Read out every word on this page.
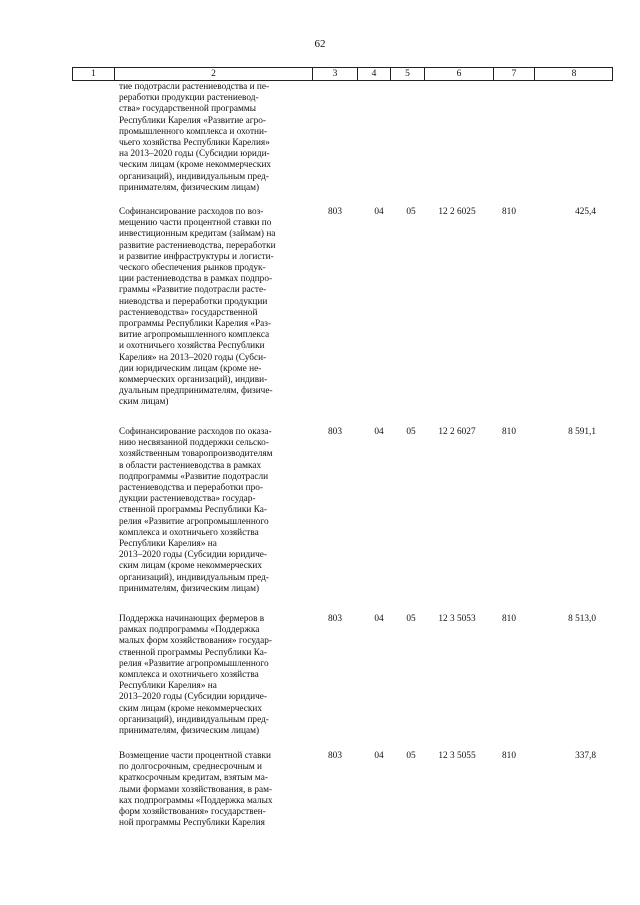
62
1	2	3	4	5	6	7	8
тие подотрасли растениеводства и пе-
реработки продукции растениевод-
ства» государственной программы
Республики Карелия «Развитие агро-
промышленного комплекса и охотни-
чьего хозяйства Республики Карелия»
на 2013–2020 годы (Субсидии юриди-
ческим лицам (кроме некоммерческих
организаций), индивидуальным пред-
принимателям, физическим лицам)
Софинансирование расходов по воз-
мещению части процентной ставки по
инвестиционным кредитам (займам) на
развитие растениеводства, переработки
и развитие инфраструктуры и логисти-
ческого обеспечения рынков продук-
ции растениеводства в рамках подпро-
граммы «Развитие подотрасли расте-
ниеводства и переработки продукции
растениеводства» государственной
программы Республики Карелия «Раз-
витие агропромышленного комплекса
и охотничьего хозяйства Республики
Карелия» на 2013–2020 годы (Субси-
дии юридическим лицам (кроме не-
коммерческих организаций), индиви-
дуальным предпринимателям, физиче-
ским лицам)
803	04	05	12 2 6025	810	425,4
Софинансирование расходов по оказа-
нию несвязанной поддержки сельско-
хозяйственным товаропроизводителям
в области растениеводства в рамках
подпрограммы «Развитие подотрасли
растениеводства и переработки про-
дукции растениеводства» государ-
ственной программы Республики Ка-
релия «Развитие агропромышленного
комплекса и охотничьего хозяйства
Республики Карелия» на
2013–2020 годы (Субсидии юридиче-
ским лицам (кроме некоммерческих
организаций), индивидуальным пред-
принимателям, физическим лицам)
803	04	05	12 2 6027	810	8 591,1
Поддержка начинающих фермеров в
рамках подпрограммы «Поддержка
малых форм хозяйствования» государ-
ственной программы Республики Ка-
релия «Развитие агропромышленного
комплекса и охотничьего хозяйства
Республики Карелия» на
2013–2020 годы (Субсидии юридиче-
ским лицам (кроме некоммерческих
организаций), индивидуальным пред-
принимателям, физическим лицам)
803	04	05	12 3 5053	810	8 513,0
Возмещение части процентной ставки
по долгосрочным, среднесрочным и
краткосрочным кредитам, взятым ма-
лыми формами хозяйствования, в рам-
ках подпрограммы «Поддержка малых
форм хозяйствования» государствен-
ной программы Республики Карелия
803	04	05	12 3 5055	810	337,8
